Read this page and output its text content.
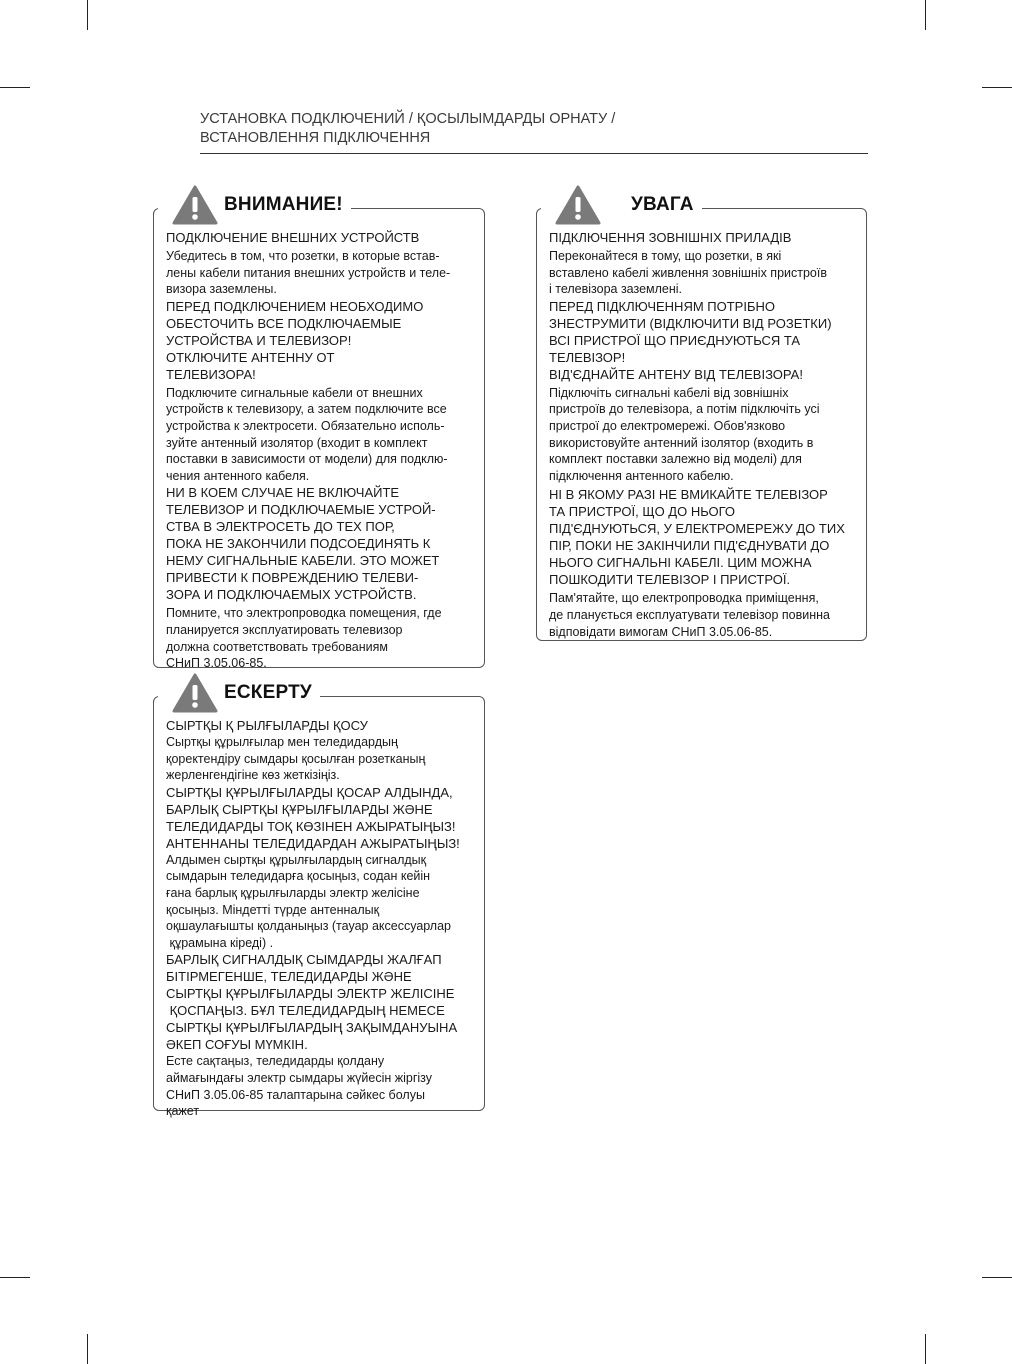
УСТАНОВКА ПОДКЛЮЧЕНИЙ / ҚОСЫЛЫМДАРДЫ ОРНАТУ /
ВСТАНОВЛЕННЯ ПІДКЛЮЧЕННЯ
ВНИМАНИЕ!

ПОДКЛЮЧЕНИЕ ВНЕШНИХ УСТРОЙСТВ

Убедитесь в том, что розетки, в которые встав-

лены кабели питания внешних устройств и теле-

визора заземлены.

ПЕРЕД ПОДКЛЮЧЕНИЕМ НЕОБХОДИМО

ОБЕСТОЧИТЬ ВСЕ ПОДКЛЮЧАЕМЫЕ

УСТРОЙСТВА И ТЕЛЕВИЗОР!

ОТКЛЮЧИТЕ АНТЕННУ ОТ

ТЕЛЕВИЗОРА!

Подключите сигнальные кабели от внешних

устройств к телевизору, а затем подключите все

устройства к электросети. Обязательно исполь-

зуйте антенный изолятор (входит в комплект

поставки в зависимости от модели) для подклю-

чения антенного кабеля.

НИ В КОЕМ СЛУЧАЕ НЕ ВКЛЮЧАЙТЕ

ТЕЛЕВИЗОР И ПОДКЛЮЧАЕМЫЕ УСТРОЙ-

СТВА В ЭЛЕКТРОСЕТЬ ДО ТЕХ ПОР,

ПОКА НЕ ЗАКОНЧИЛИ ПОДСОЕДИНЯТЬ К

НЕМУ СИГНАЛЬНЫЕ КАБЕЛИ. ЭТО МОЖЕТ

ПРИВЕСТИ К ПОВРЕЖДЕНИЮ ТЕЛЕВИ-

ЗОРА И ПОДКЛЮЧАЕМЫХ УСТРОЙСТВ.

Помните, что электропроводка помещения, где

планируется эксплуатировать телевизор

должна соответствовать требованиям

СНиП 3.05.06-85.

ЕСКЕРТУ

СЫРТҚЫ Қ РЫЛҒЫЛАРДЫ ҚОСУ

Сыртқы құрылғылар мен теледидардың

қоректендіру сымдары қосылған розетканың

жерленгендігіне көз жеткізіңіз.

СЫРТҚЫ ҚҰРЫЛҒЫЛАРДЫ ҚОСАР АЛДЫНДА,

БАРЛЫҚ СЫРТҚЫ ҚҰРЫЛҒЫЛАРДЫ ЖӘНЕ

ТЕЛЕДИДАРДЫ ТОҚ КӨЗІНЕН АЖЫРАТЫҢЫЗ!

АНТЕННАНЫ ТЕЛЕДИДАРДАН АЖЫРАТЫҢЫЗ!

Алдымен сыртқы құрылғылардың сигналдық

сымдарын теледидарға қосыңыз, содан кейін

ғана барлық құрылғыларды электр желісіне

қосыңыз. Міндетті түрде антенналық

оқшаулағышты қолданыңыз (тауар аксессуарлар

құрамына кіреді) .

БАРЛЫҚ СИГНАЛДЫҚ СЫМДАРДЫ ЖАЛҒАП

БІТІРМЕГЕНШЕ, ТЕЛЕДИДАРДЫ ЖӘНЕ

СЫРТҚЫ ҚҰРЫЛҒЫЛАРДЫ ЭЛЕКТР ЖЕЛІСІНЕ

ҚОСПАҢЫЗ. БҰЛ ТЕЛЕДИДАРДЫҢ НЕМЕСЕ

СЫРТҚЫ ҚҰРЫЛҒЫЛАРДЫҢ ЗАҚЫМДАНУЫНА

ӘКЕП СОҒУЫ МҮМКІН.

Есте сақтаңыз, теледидарды қолдану

аймағындағы электр сымдары жүйесін жіргізу

СНиП 3.05.06-85 талаптарына сәйкес болуы

қажет

УВАГА

ПІДКЛЮЧЕННЯ ЗОВНІШНІХ ПРИЛАДІВ

Переконайтеся в тому, що розетки, в які

вставлено кабелі живлення зовнішніх пристроїв

і телевізора заземлені.

ПЕРЕД ПІДКЛЮЧЕННЯМ ПОТРІБНО

ЗНЕСТРУМИТИ (ВІДКЛЮЧИТИ ВІД РОЗЕТКИ)

ВСІ ПРИСТРОЇ ЩО ПРИЄДНУЮТЬСЯ ТА

ТЕЛЕВІЗОР!

ВІД'ЄДНАЙТЕ АНТЕНУ ВІД ТЕЛЕВІЗОРА!

Підключіть сигнальні кабелі від зовнішніх

пристроїв до телевізора, а потім підключіть усі

пристрої до електромережі. Обов'язково

використовуйте антенний ізолятор (входить в

комплект поставки залежно від моделі) для

підключення антенного кабелю.

НІ В ЯКОМУ РАЗІ НЕ ВМИКАЙТЕ ТЕЛЕВІЗОР

ТА ПРИСТРОЇ, ЩО ДО НЬОГО

ПІД'ЄДНУЮТЬСЯ, У ЕЛЕКТРОМЕРЕЖУ ДО ТИХ

ПІР, ПОКИ НЕ ЗАКІНЧИЛИ ПІД'ЄДНУВАТИ ДО

НЬОГО СИГНАЛЬНІ КАБЕЛІ. ЦИМ МОЖНА

ПОШКОДИТИ ТЕЛЕВІЗОР І ПРИСТРОЇ.

Пам'ятайте, що електропроводка приміщення,

де планується експлуатувати телевізор повинна

відповідати вимогам СНиП 3.05.06-85.
